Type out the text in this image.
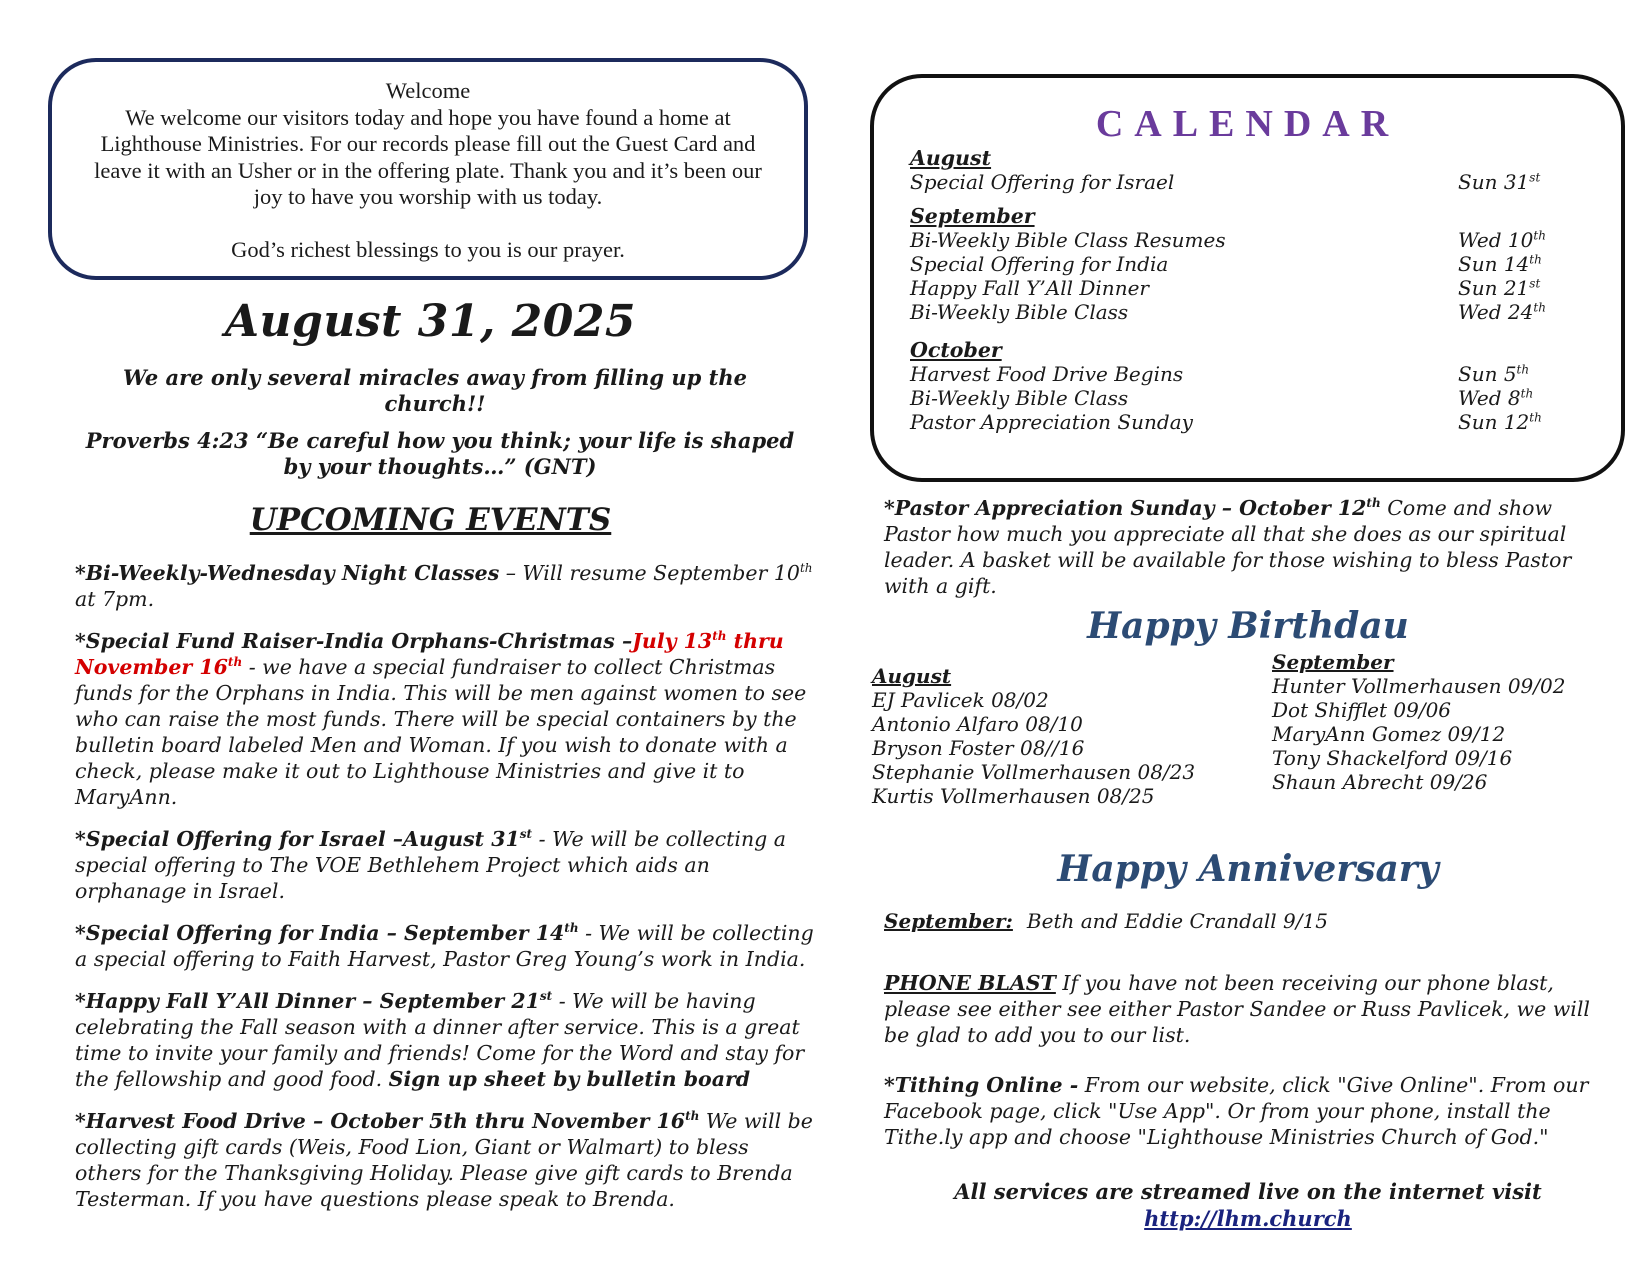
Welcome
We welcome our visitors today and hope you have found a home at Lighthouse Ministries. For our records please fill out the Guest Card and leave it with an Usher or in the offering plate. Thank you and it’s been our joy to have you worship with us today.
God’s richest blessings to you is our prayer.
August 31, 2025
We are only several miracles away from filling up the church!!
Proverbs 4:23 “Be careful how you think; your life is shaped by your thoughts…” (GNT)
UPCOMING EVENTS
*Bi-Weekly-Wednesday Night Classes – Will resume September 10th at 7pm.
*Special Fund Raiser-India Orphans-Christmas –July 13th thru November 16th - we have a special fundraiser to collect Christmas funds for the Orphans in India. This will be men against women to see who can raise the most funds. There will be special containers by the bulletin board labeled Men and Woman. If you wish to donate with a check, please make it out to Lighthouse Ministries and give it to MaryAnn.
*Special Offering for Israel –August 31st - We will be collecting a special offering to The VOE Bethlehem Project which aids an orphanage in Israel.
*Special Offering for India – September 14th - We will be collecting a special offering to Faith Harvest, Pastor Greg Young’s work in India.
*Happy Fall Y’All Dinner – September 21st - We will be having celebrating the Fall season with a dinner after service. This is a great time to invite your family and friends! Come for the Word and stay for the fellowship and good food. Sign up sheet by bulletin board
*Harvest Food Drive – October 5th thru November 16th We will be collecting gift cards (Weis, Food Lion, Giant or Walmart) to bless others for the Thanksgiving Holiday. Please give gift cards to Brenda Testerman. If you have questions please speak to Brenda.
CALENDAR
August
Special Offering for Israel	Sun 31st
September
Bi-Weekly Bible Class Resumes	Wed 10th
Special Offering for India	Sun 14th
Happy Fall Y’All Dinner	Sun 21st
Bi-Weekly Bible Class	Wed 24th
October
Harvest Food Drive Begins	Sun 5th
Bi-Weekly Bible Class	Wed 8th
Pastor Appreciation Sunday	Sun 12th
*Pastor Appreciation Sunday – October 12th Come and show Pastor how much you appreciate all that she does as our spiritual leader. A basket will be available for those wishing to bless Pastor with a gift.
Happy Birthdau
August
EJ Pavlicek 08/02
Antonio Alfaro 08/10
Bryson Foster 08//16
Stephanie Vollmerhausen 08/23
Kurtis Vollmerhausen 08/25
September
Hunter Vollmerhausen 09/02
Dot Shifflet 09/06
MaryAnn Gomez 09/12
Tony Shackelford 09/16
Shaun Abrecht 09/26
Happy Anniversary
September: Beth and Eddie Crandall 9/15
PHONE BLAST If you have not been receiving our phone blast, please see either see either Pastor Sandee or Russ Pavlicek, we will be glad to add you to our list.
*Tithing Online - From our website, click "Give Online". From our Facebook page, click "Use App". Or from your phone, install the Tithe.ly app and choose "Lighthouse Ministries Church of God."
All services are streamed live on the internet visit
http://lhm.church
